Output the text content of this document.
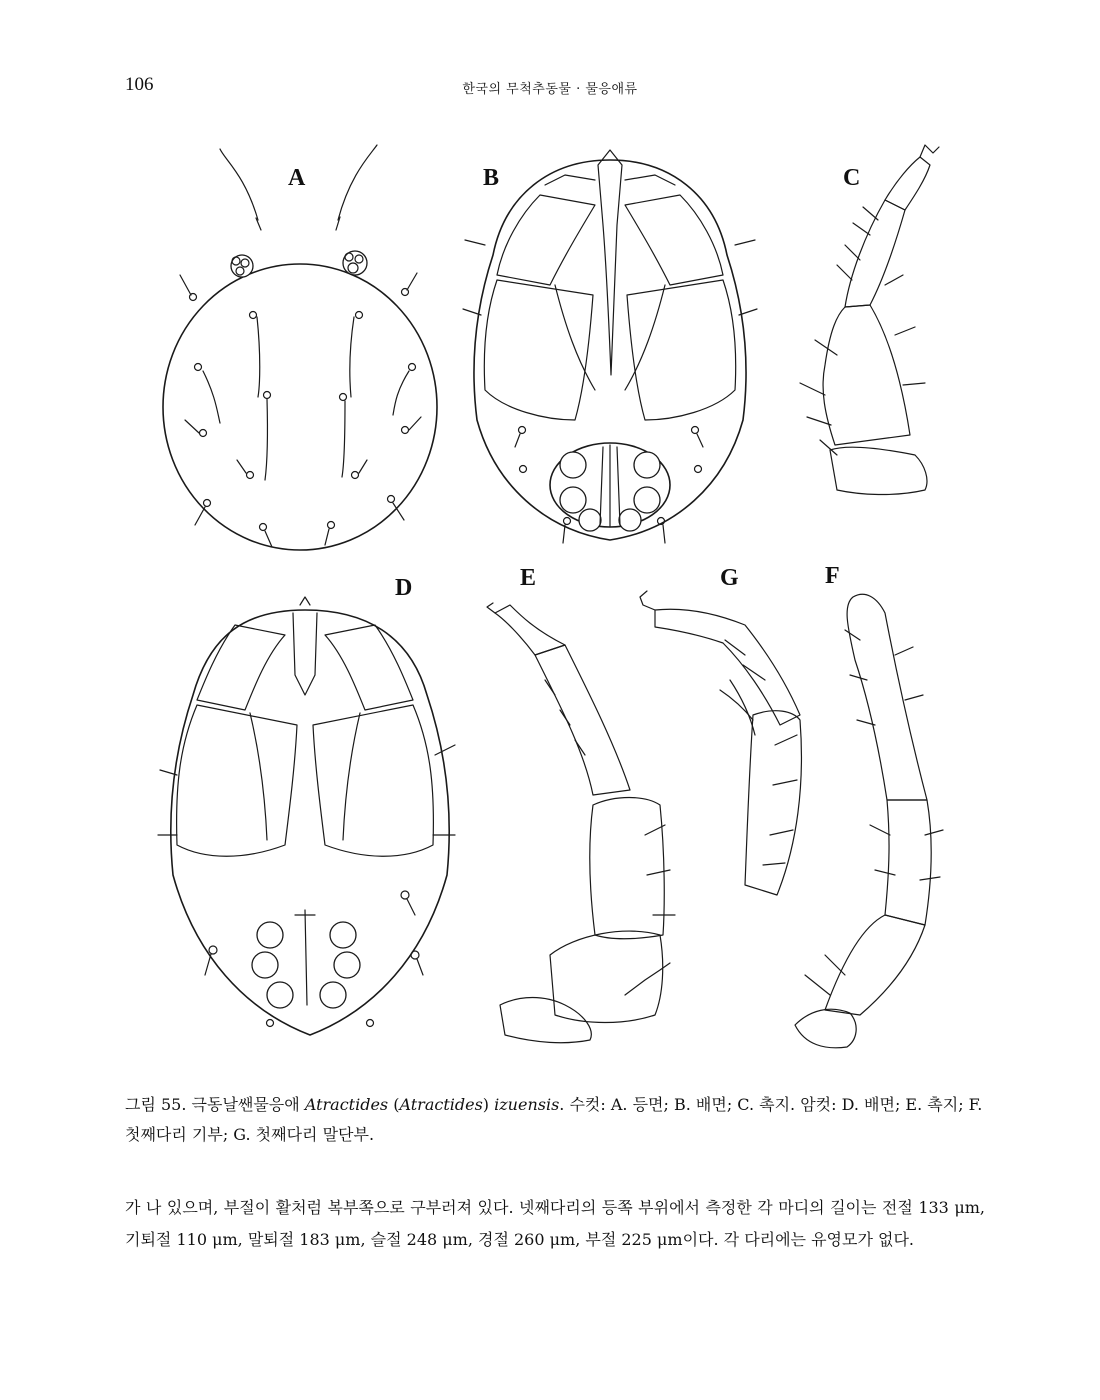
106	한국의 무척추동물 · 물응애류
A	B	C
D	E	G	F
그림 55. 극동날쌘물응애 Atractides (Atractides) izuensis. 수컷: A. 등면; B. 배면; C. 촉지. 암컷: D. 배면; E. 촉지; F. 첫째다리 기부; G. 첫째다리 말단부.
가 나 있으며, 부절이 활처럼 복부쪽으로 구부러져 있다. 넷째다리의 등쪽 부위에서 측정한 각 마디의 길이는 전절 133 μm, 기퇴절 110 μm, 말퇴절 183 μm, 슬절 248 μm, 경절 260 μm, 부절 225 μm이다. 각 다리에는 유영모가 없다.
